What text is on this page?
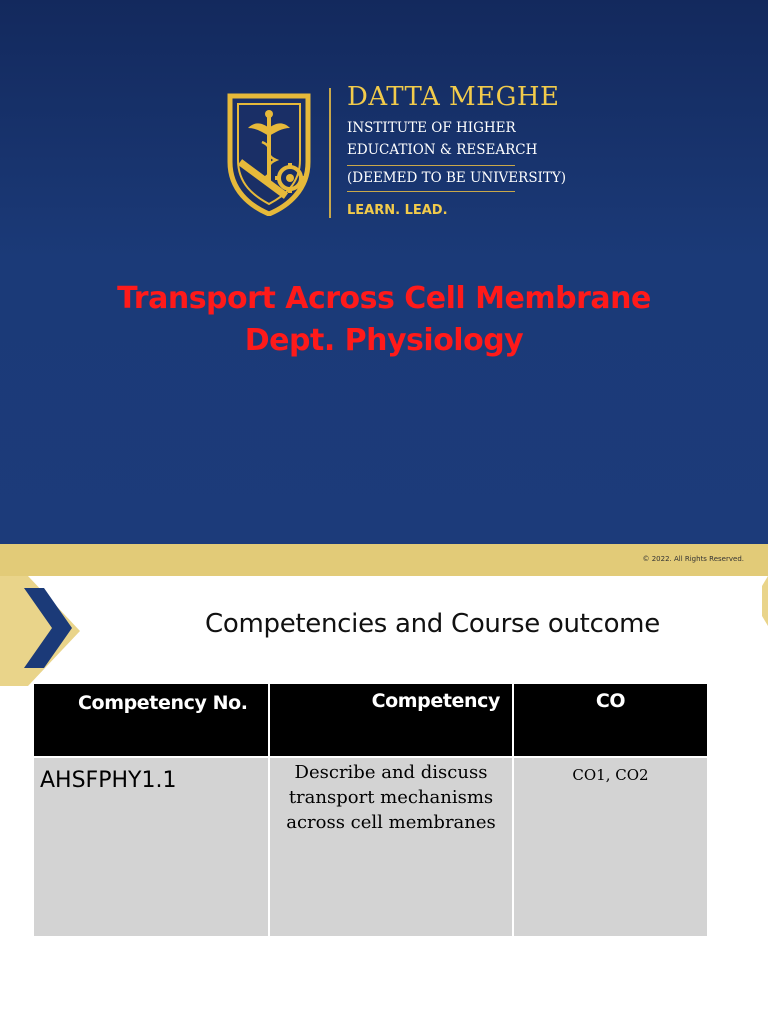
DATTA MEGHE
INSTITUTE OF HIGHER
EDUCATION & RESEARCH
(DEEMED TO BE UNIVERSITY)
LEARN. LEAD.
Transport Across Cell Membrane
Dept. Physiology
© 2022. All Rights Reserved.
Competencies and Course outcome
Competency No.	Competency	CO
AHSFPHY1.1	Describe and discuss transport mechanisms across cell membranes	CO1, CO2
